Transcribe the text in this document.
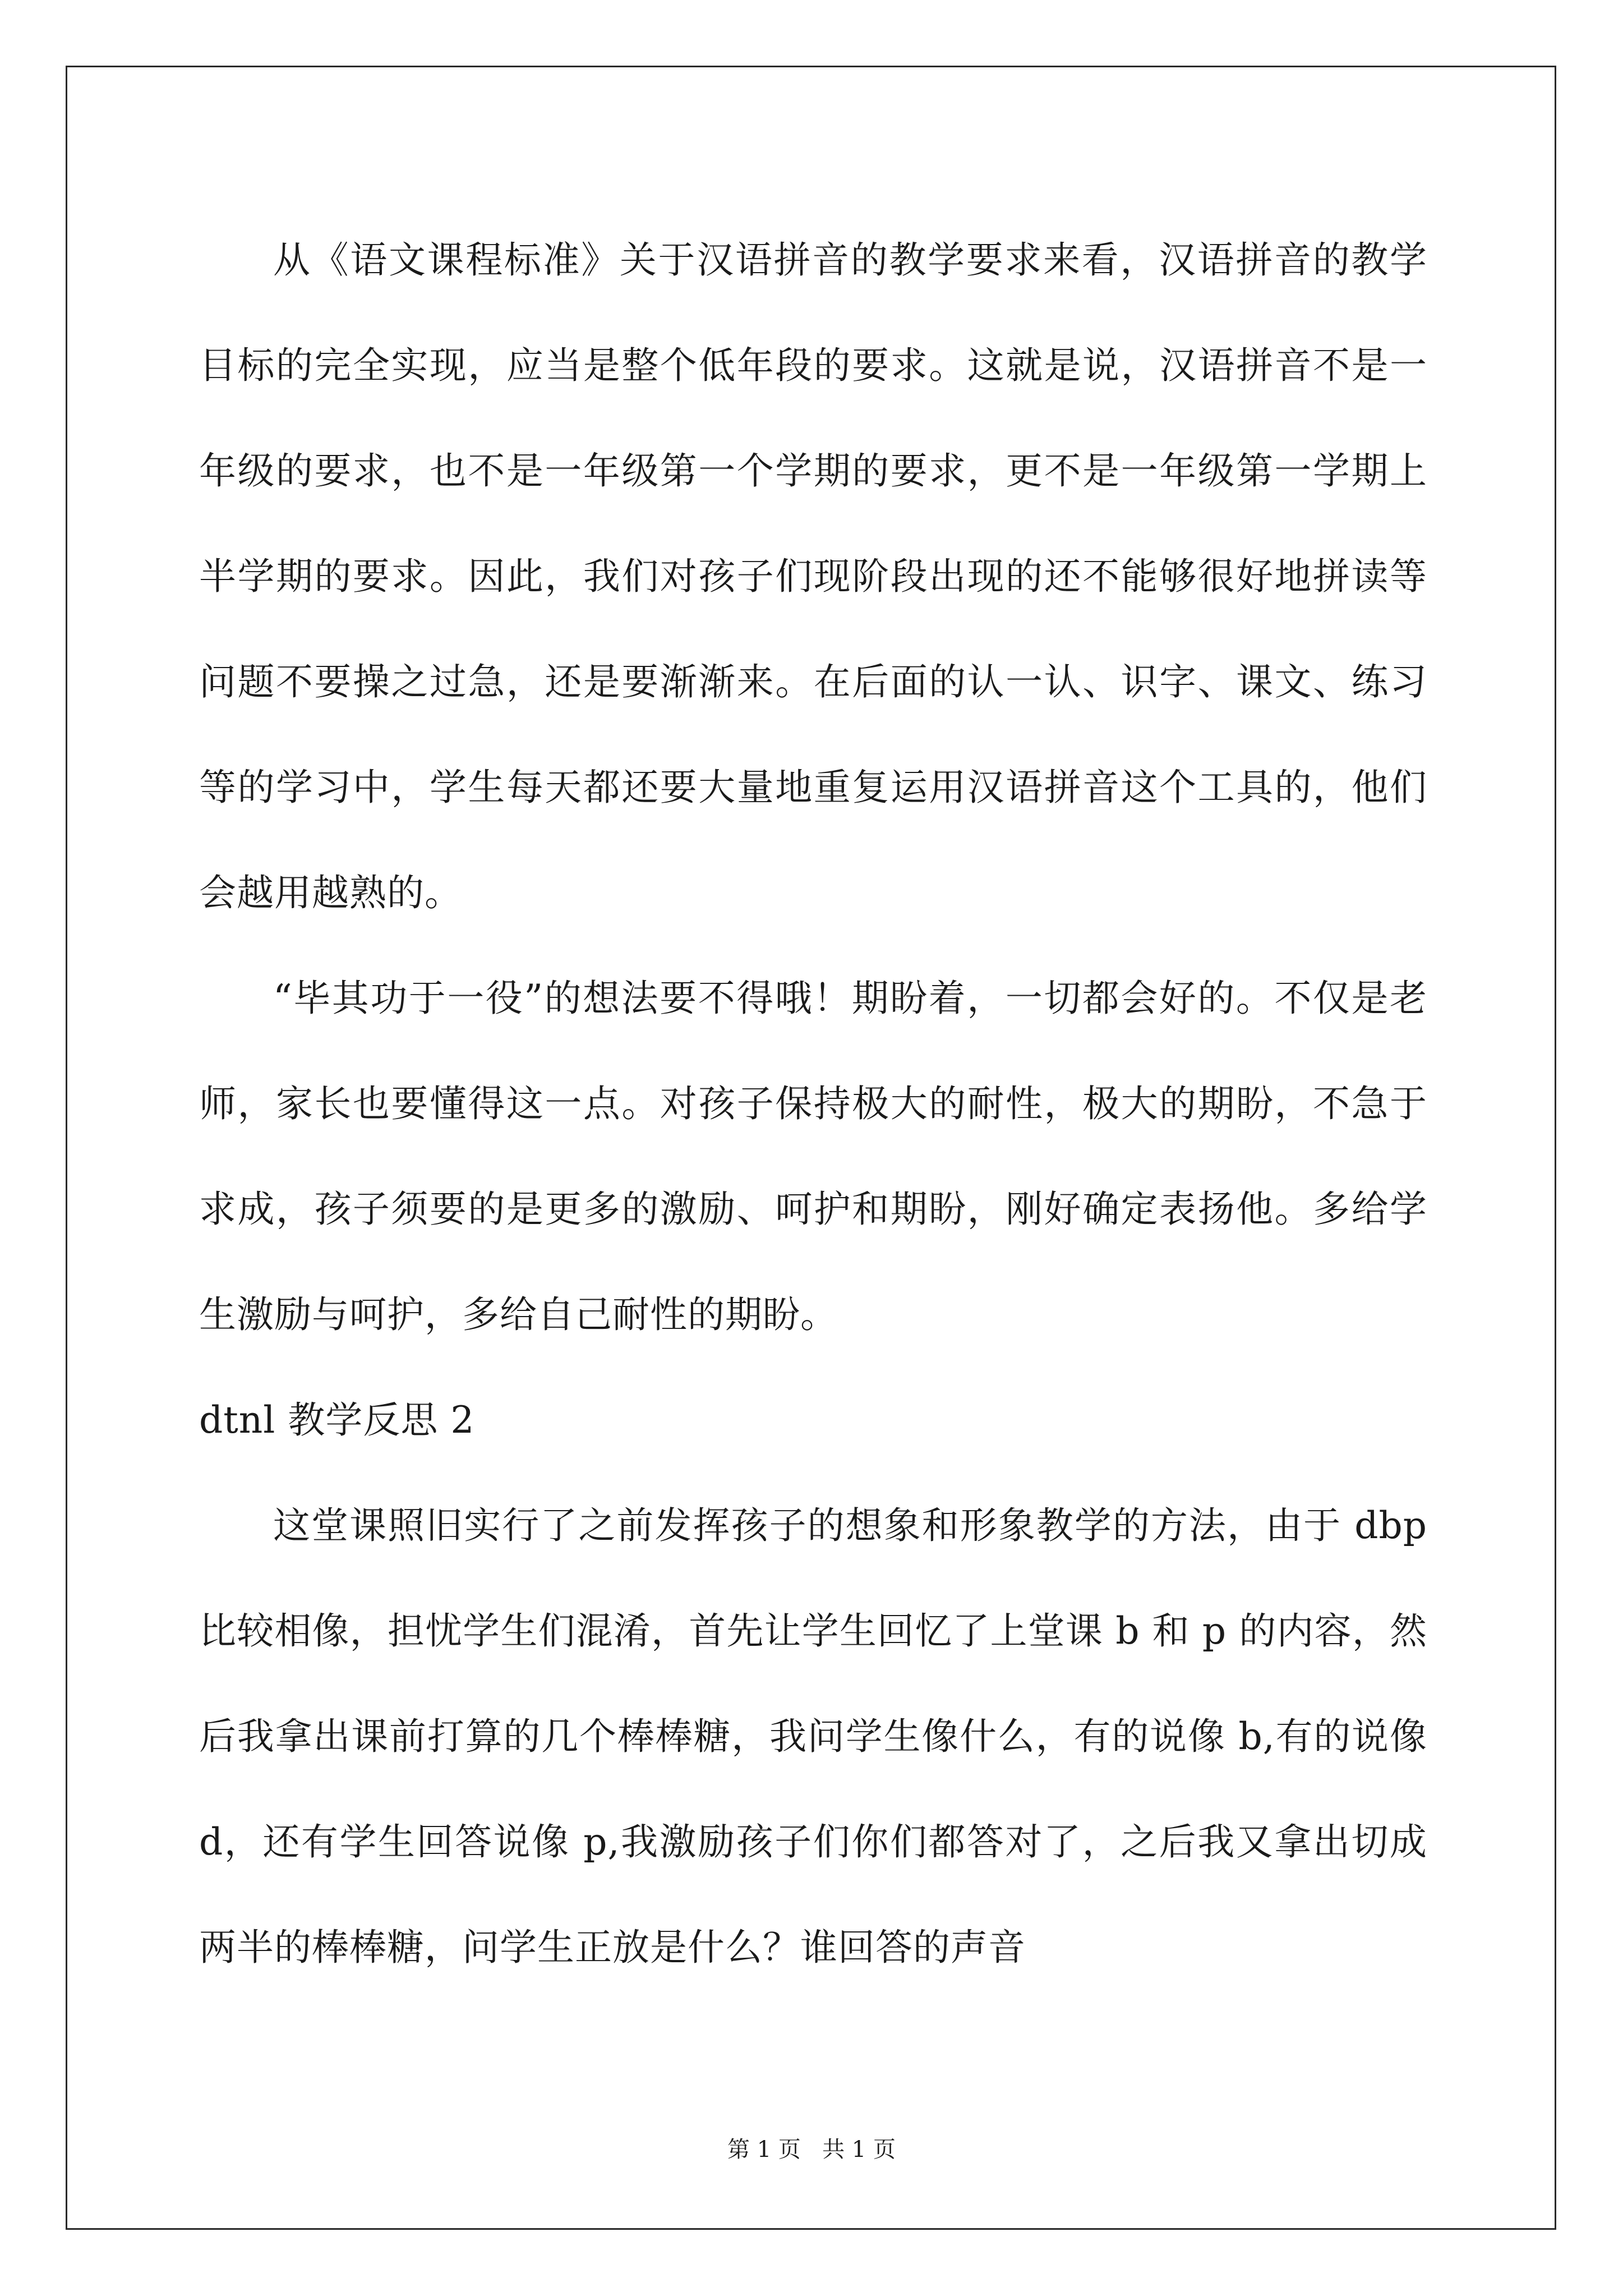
从《语文课程标准》关于汉语拼音的教学要求来看，汉语拼音的教学目标的完全实现，应当是整个低年段的要求。这就是说，汉语拼音不是一年级的要求，也不是一年级第一个学期的要求，更不是一年级第一学期上半学期的要求。因此，我们对孩子们现阶段出现的还不能够很好地拼读等问题不要操之过急，还是要渐渐来。在后面的认一认、识字、课文、练习等的学习中，学生每天都还要大量地重复运用汉语拼音这个工具的，他们会越用越熟的。

“毕其功于一役”的想法要不得哦！期盼着，一切都会好的。不仅是老师，家长也要懂得这一点。对孩子保持极大的耐性，极大的期盼，不急于求成，孩子须要的是更多的激励、呵护和期盼，刚好确定表扬他。多给学生激励与呵护，多给自己耐性的期盼。

dtnl 教学反思 2

这堂课照旧实行了之前发挥孩子的想象和形象教学的方法，由于 dbp 比较相像，担忧学生们混淆，首先让学生回忆了上堂课 b 和 p 的内容，然后我拿出课前打算的几个棒棒糖，我问学生像什么，有的说像 b,有的说像 d，还有学生回答说像 p,我激励孩子们你们都答对了，之后我又拿出切成两半的棒棒糖，问学生正放是什么？谁回答的声音

第 1 页   共 1 页
